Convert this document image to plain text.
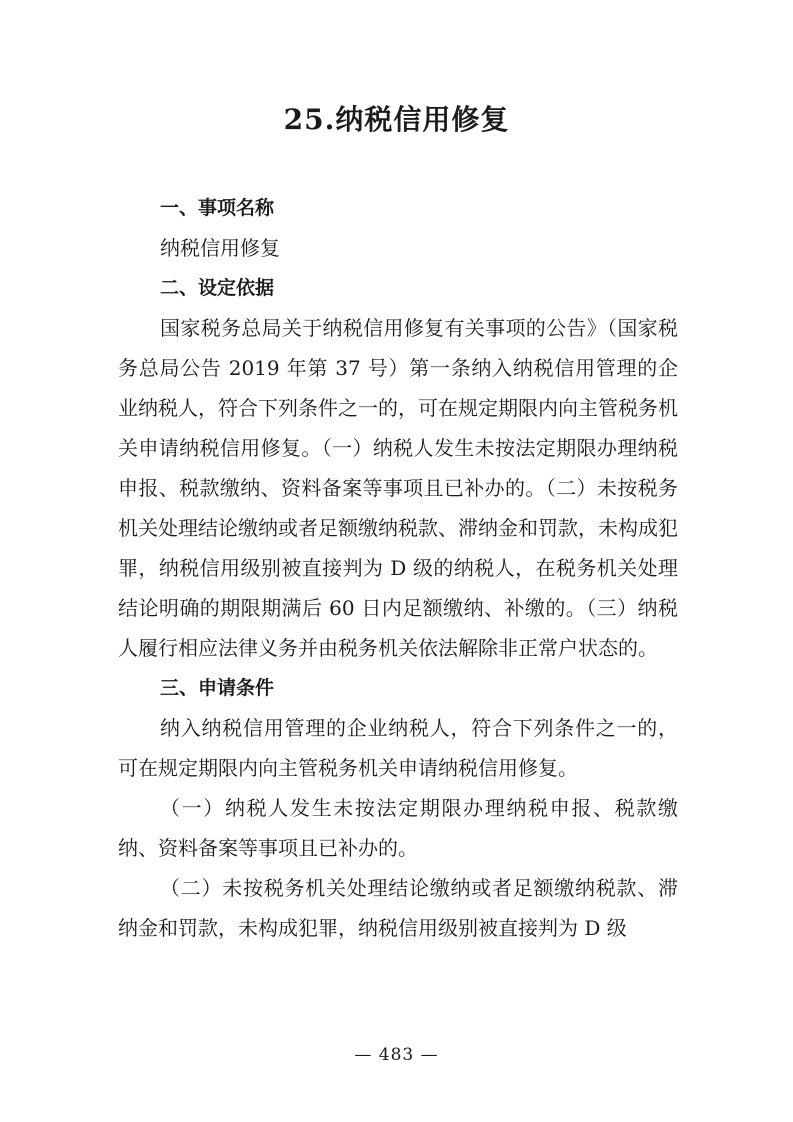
25.纳税信用修复

一、事项名称

纳税信用修复

二、设定依据

国家税务总局关于纳税信用修复有关事项的公告》（国家税务总局公告 2019 年第 37 号）第一条纳入纳税信用管理的企业纳税人，符合下列条件之一的，可在规定期限内向主管税务机关申请纳税信用修复。（一）纳税人发生未按法定期限办理纳税申报、税款缴纳、资料备案等事项且已补办的。（二）未按税务机关处理结论缴纳或者足额缴纳税款、滞纳金和罚款，未构成犯罪，纳税信用级别被直接判为 D 级的纳税人，在税务机关处理结论明确的期限期满后 60 日内足额缴纳、补缴的。（三）纳税人履行相应法律义务并由税务机关依法解除非正常户状态的。

三、申请条件

纳入纳税信用管理的企业纳税人，符合下列条件之一的，可在规定期限内向主管税务机关申请纳税信用修复。

（一）纳税人发生未按法定期限办理纳税申报、税款缴纳、资料备案等事项且已补办的。

（二）未按税务机关处理结论缴纳或者足额缴纳税款、滞纳金和罚款，未构成犯罪，纳税信用级别被直接判为 D 级

— 483 —
